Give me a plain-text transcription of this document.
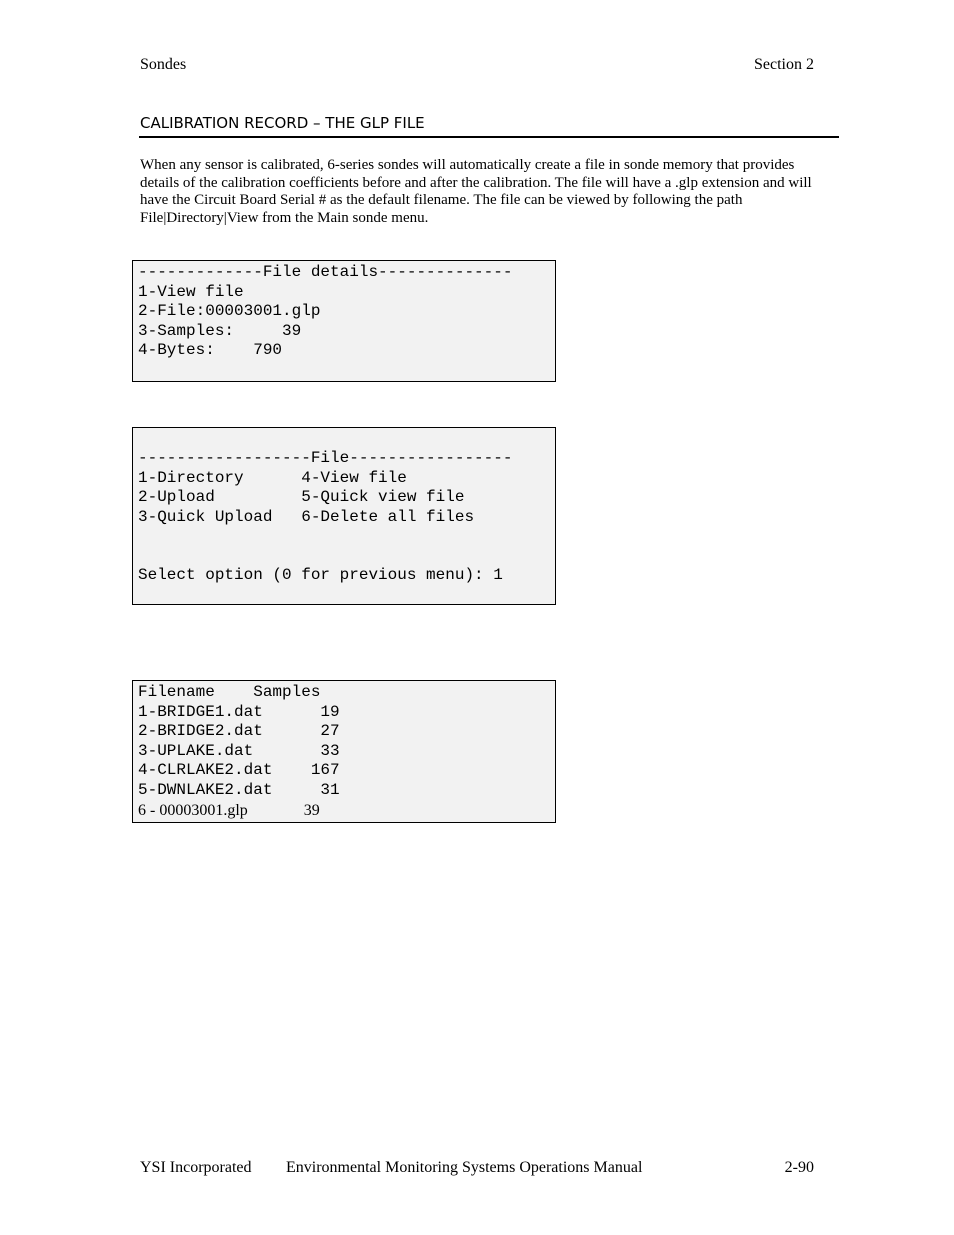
Sondes	Section 2
CALIBRATION RECORD – THE GLP FILE
When any sensor is calibrated, 6-series sondes will automatically create a file in sonde memory that provides details of the calibration coefficients before and after the calibration. The file will have a .glp extension and will have the Circuit Board Serial # as the default filename. The file can be viewed by following the path File|Directory|View from the Main sonde menu.
-------------File details--------------
1-View file
2-File:00003001.glp
3-Samples:     39
4-Bytes:    790
------------------File-----------------
1-Directory      4-View file
2-Upload         5-Quick view file
3-Quick Upload   6-Delete all files
Select option (0 for previous menu): 1
Filename    Samples
1-BRIDGE1.dat      19
2-BRIDGE2.dat      27
3-UPLAKE.dat       33
4-CLRLAKE2.dat    167
5-DWNLAKE2.dat     31
6 - 00003001.glp              39
YSI Incorporated Environmental Monitoring Systems Operations Manual	2-90
